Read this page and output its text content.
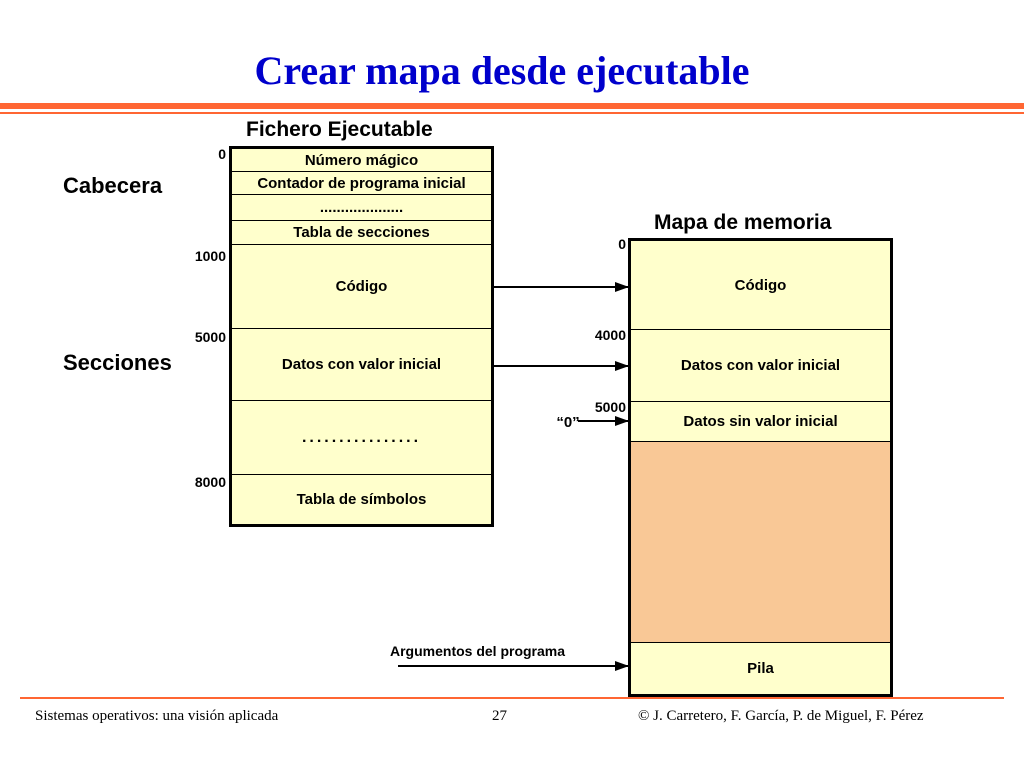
Crear mapa desde ejecutable
Fichero Ejecutable
Cabecera
Secciones
0
1000
5000
8000
Número mágico
Contador de programa inicial
....................
Tabla de secciones
Código
Datos con valor inicial
................
Tabla de símbolos
Mapa de memoria
0
4000
5000
“0”
Argumentos del programa
Código
Datos con valor inicial
Datos sin valor inicial
Pila
Sistemas operativos: una visión aplicada	27	© J. Carretero, F. García, P. de Miguel, F. Pérez
